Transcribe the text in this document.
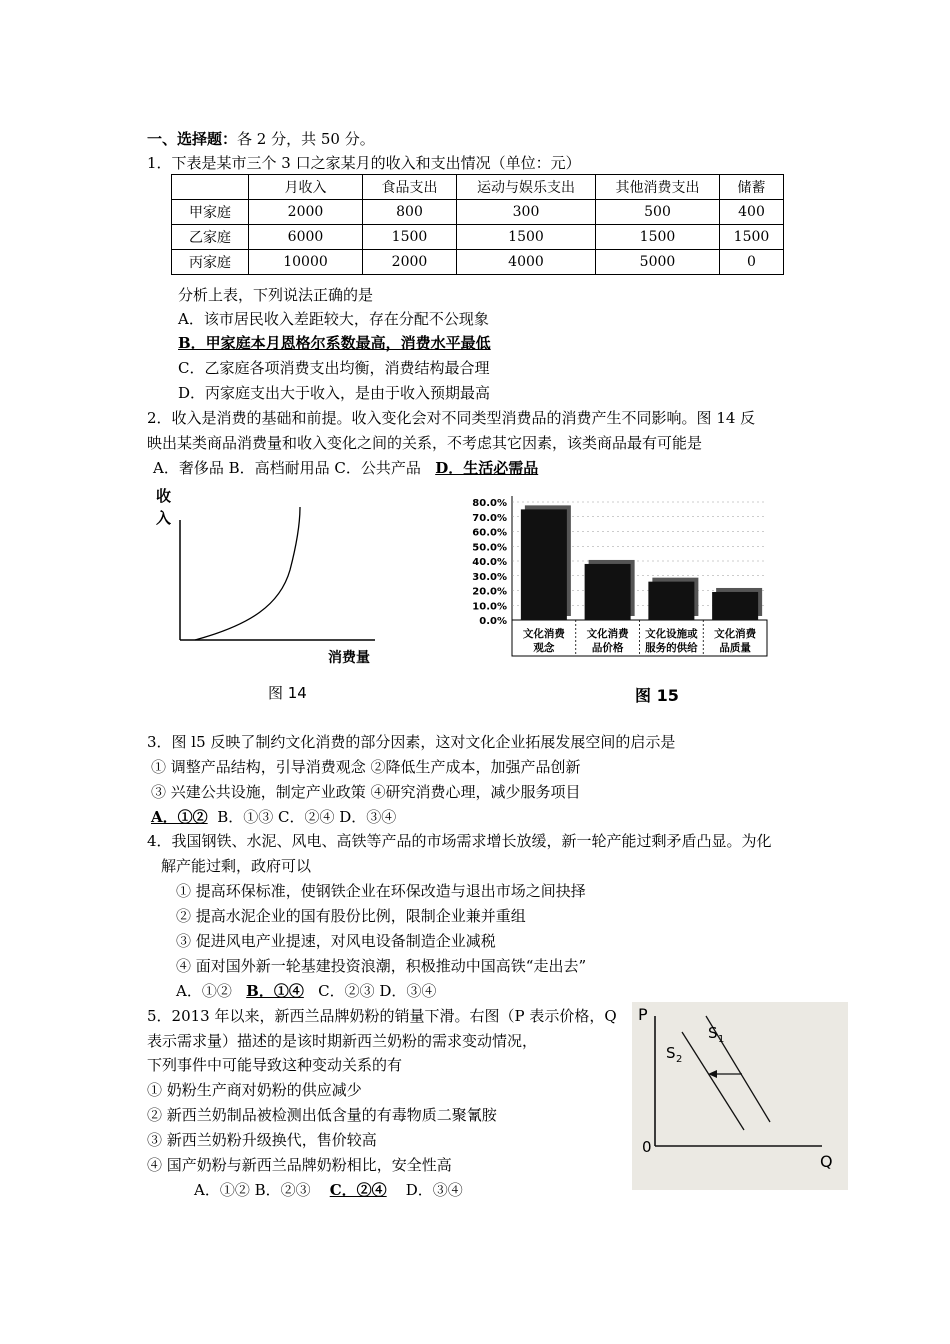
一、选择题：各 2 分，共 50 分。
1．下表是某市三个 3 口之家某月的收入和支出情况（单位：元）
	月收入	食品支出	运动与娱乐支出	其他消费支出	储蓄
甲家庭	2000	800	300	500	400
乙家庭	6000	1500	1500	1500	1500
丙家庭	10000	2000	4000	5000	0
分析上表，下列说法正确的是
A．该市居民收入差距较大，存在分配不公现象
B．甲家庭本月恩格尔系数最高，消费水平最低
C．乙家庭各项消费支出均衡，消费结构最合理
D．丙家庭支出大于收入，是由于收入预期最高
2．收入是消费的基础和前提。收入变化会对不同类型消费品的消费产生不同影响。图 14 反
映出某类商品消费量和收入变化之间的关系，不考虑其它因素，该类商品最有可能是
A．奢侈品 B．高档耐用品 C．公共产品 D．生活必需品
收
入
消费量
图 14
0.0%
10.0%
20.0%
30.0%
40.0%
50.0%
60.0%
70.0%
80.0%
文化消费
观念
文化消费
品价格
文化设施或
服务的供给
文化消费
品质量
图 15
3．图 l5 反映了制约文化消费的部分因素，这对文化企业拓展发展空间的启示是
① 调整产品结构，引导消费观念 ②降低生产成本，加强产品创新
③ 兴建公共设施，制定产业政策 ④研究消费心理，减少服务项目
A．①② B．①③ C．②④ D．③④
4．我国钢铁、水泥、风电、高铁等产品的市场需求增长放缓，新一轮产能过剩矛盾凸显。为化
解产能过剩，政府可以
① 提高环保标准，使钢铁企业在环保改造与退出市场之间抉择
② 提高水泥企业的国有股份比例，限制企业兼并重组
③ 促进风电产业提速，对风电设备制造企业减税
④ 面对国外新一轮基建投资浪潮，积极推动中国高铁“走出去”
A．①② B．①④ C．②③ D．③④
5．2013 年以来，新西兰品牌奶粉的销量下滑。右图（P 表示价格，Q
表示需求量）描述的是该时期新西兰奶粉的需求变动情况，
下列事件中可能导致这种变动关系的有
① 奶粉生产商对奶粉的供应减少
② 新西兰奶制品被检测出低含量的有毒物质二聚氰胺
③ 新西兰奶粉升级换代，售价较高
④ 国产奶粉与新西兰品牌奶粉相比，安全性高
A．①② B．②③ C．②④ D．③④
P
Q
0
S 1
S 2
